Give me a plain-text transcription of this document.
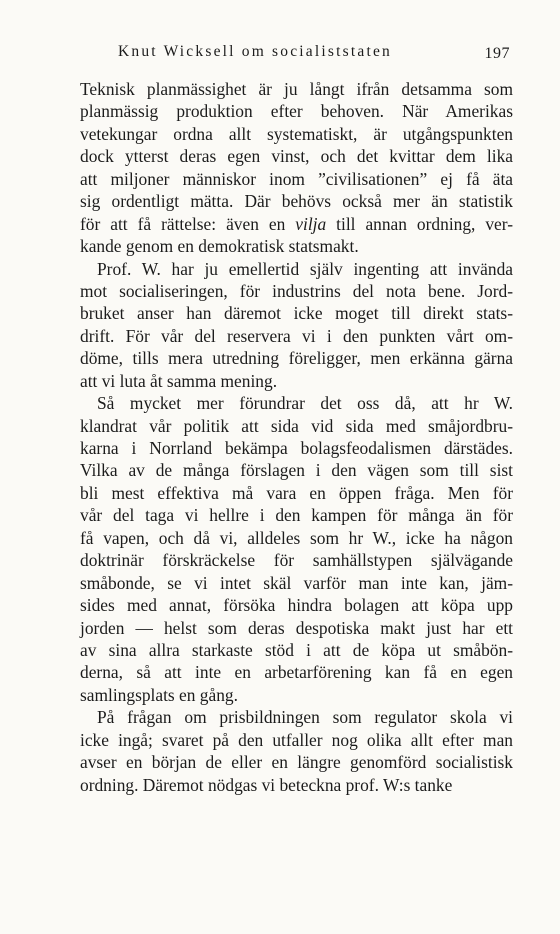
Knut Wicksell om socialiststaten	197
Teknisk planmässighet är ju långt ifrån detsamma som
planmässig produktion efter behoven. När Amerikas
vetekungar ordna allt systematiskt, är utgångspunkten
dock ytterst deras egen vinst, och det kvittar dem lika
att miljoner människor inom ”civilisationen” ej få äta
sig ordentligt mätta. Där behövs också mer än statistik
för att få rättelse: även en vilja till annan ordning, ver-
kande genom en demokratisk statsmakt.
Prof. W. har ju emellertid själv ingenting att invända
mot socialiseringen, för industrins del nota bene. Jord-
bruket anser han däremot icke moget till direkt stats-
drift. För vår del reservera vi i den punkten vårt om-
döme, tills mera utredning föreligger, men erkänna gärna
att vi luta åt samma mening.
Så mycket mer förundrar det oss då, att hr W.
klandrat vår politik att sida vid sida med småjordbru-
karna i Norrland bekämpa bolagsfeodalismen därstädes.
Vilka av de många förslagen i den vägen som till sist
bli mest effektiva må vara en öppen fråga. Men för
vår del taga vi hellre i den kampen för många än för
få vapen, och då vi, alldeles som hr W., icke ha någon
doktrinär förskräckelse för samhällstypen självägande
småbonde, se vi intet skäl varför man inte kan, jäm-
sides med annat, försöka hindra bolagen att köpa upp
jorden — helst som deras despotiska makt just har ett
av sina allra starkaste stöd i att de köpa ut småbön-
derna, så att inte en arbetarförening kan få en egen
samlingsplats en gång.
På frågan om prisbildningen som regulator skola vi
icke ingå; svaret på den utfaller nog olika allt efter man
avser en början de eller en längre genomförd socialistisk
ordning. Däremot nödgas vi beteckna prof. W:s tanke
